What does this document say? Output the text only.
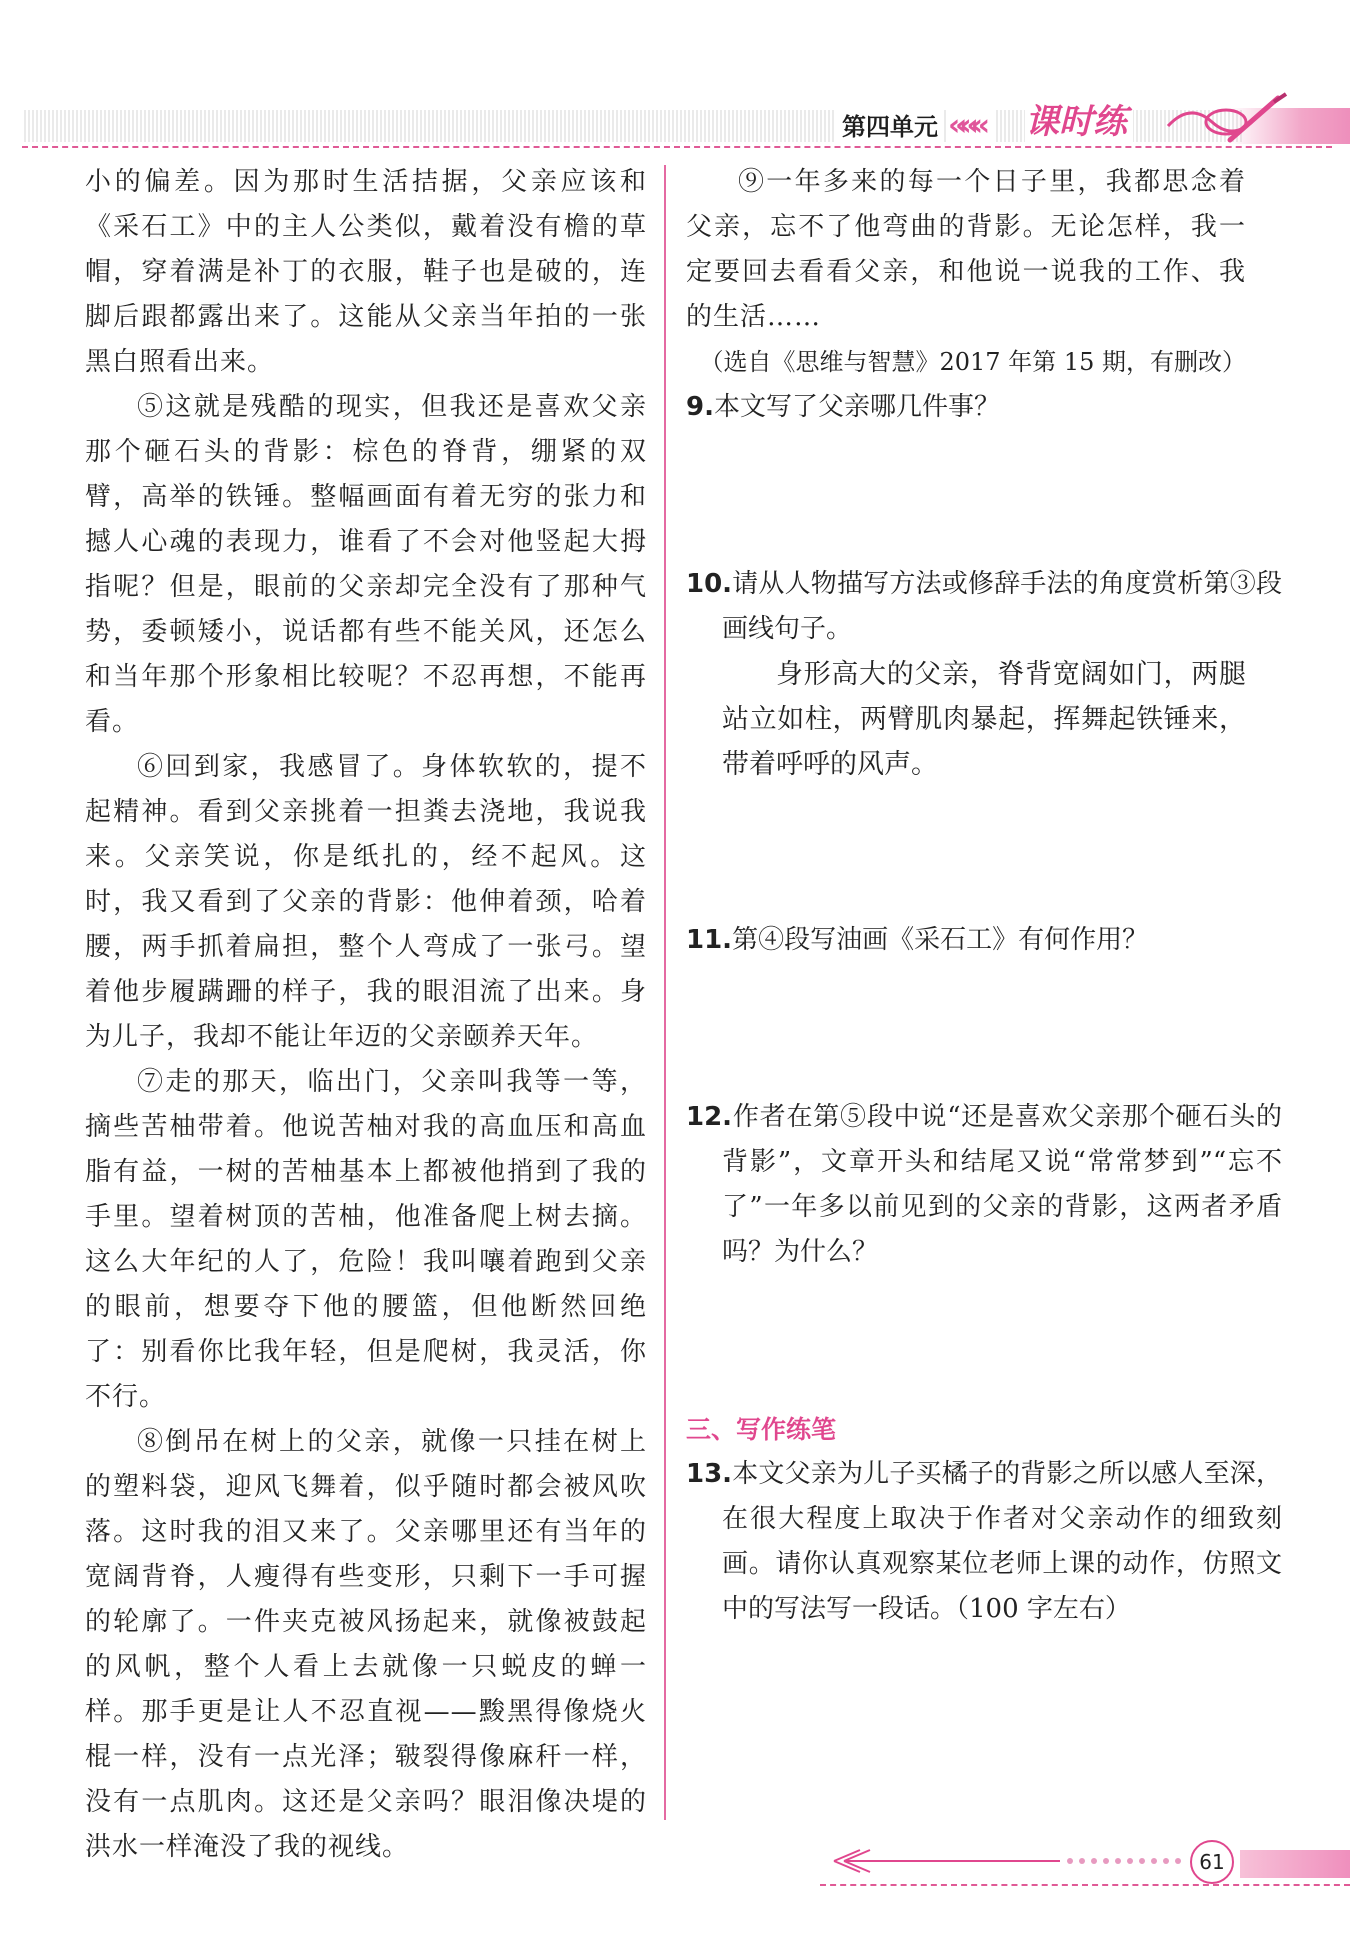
第四单元 «««	课时练

小的偏差。因为那时生活拮据，父亲应该和《采石工》中的主人公类似，戴着没有檐的草帽，穿着满是补丁的衣服，鞋子也是破的，连脚后跟都露出来了。这能从父亲当年拍的一张黑白照看出来。

⑤这就是残酷的现实，但我还是喜欢父亲那个砸石头的背影：棕色的脊背，绷紧的双臂，高举的铁锤。整幅画面有着无穷的张力和撼人心魂的表现力，谁看了不会对他竖起大拇指呢？但是，眼前的父亲却完全没有了那种气势，委顿矮小，说话都有些不能关风，还怎么和当年那个形象相比较呢？不忍再想，不能再看。

⑥回到家，我感冒了。身体软软的，提不起精神。看到父亲挑着一担粪去浇地，我说我来。父亲笑说，你是纸扎的，经不起风。这时，我又看到了父亲的背影：他伸着颈，哈着腰，两手抓着扁担，整个人弯成了一张弓。望着他步履蹒跚的样子，我的眼泪流了出来。身为儿子，我却不能让年迈的父亲颐养天年。

⑦走的那天，临出门，父亲叫我等一等，摘些苦柚带着。他说苦柚对我的高血压和高血脂有益，一树的苦柚基本上都被他捎到了我的手里。望着树顶的苦柚，他准备爬上树去摘。这么大年纪的人了，危险！我叫嚷着跑到父亲的眼前，想要夺下他的腰篮，但他断然回绝了：别看你比我年轻，但是爬树，我灵活，你不行。

⑧倒吊在树上的父亲，就像一只挂在树上的塑料袋，迎风飞舞着，似乎随时都会被风吹落。这时我的泪又来了。父亲哪里还有当年的宽阔背脊，人瘦得有些变形，只剩下一手可握的轮廓了。一件夹克被风扬起来，就像被鼓起的风帆，整个人看上去就像一只蜕皮的蝉一样。那手更是让人不忍直视——黢黑得像烧火棍一样，没有一点光泽；皲裂得像麻秆一样，没有一点肌肉。这还是父亲吗？眼泪像决堤的洪水一样淹没了我的视线。

⑨一年多来的每一个日子里，我都思念着父亲，忘不了他弯曲的背影。无论怎样，我一定要回去看看父亲，和他说一说我的工作、我的生活……

（选自《思维与智慧》2017 年第 15 期，有删改）
9.本文写了父亲哪几件事？
10.请从人物描写方法或修辞手法的角度赏析第③段画线句子。
身形高大的父亲，脊背宽阔如门，两腿站立如柱，两臂肌肉暴起，挥舞起铁锤来，带着呼呼的风声。
11.第④段写油画《采石工》有何作用？
12.作者在第⑤段中说“还是喜欢父亲那个砸石头的背影”，文章开头和结尾又说“常常梦到”“忘不了”一年多以前见到的父亲的背影，这两者矛盾吗？为什么？
三、写作练笔
13.本文父亲为儿子买橘子的背影之所以感人至深，在很大程度上取决于作者对父亲动作的细致刻画。请你认真观察某位老师上课的动作，仿照文中的写法写一段话。（100 字左右）
61
